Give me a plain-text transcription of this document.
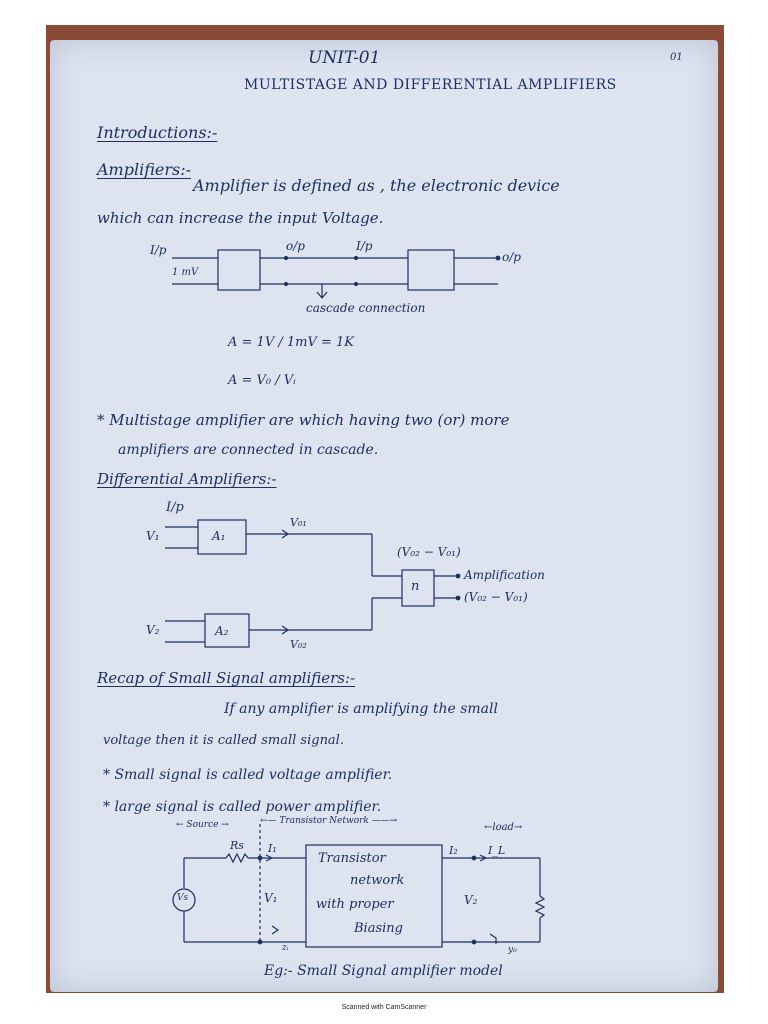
UNIT-01	01
MULTISTAGE AND DIFFERENTIAL AMPLIFIERS
Introductions:-
Amplifiers:-
Amplifier is defined as , the electronic device
which can increase the input Voltage.
I/p
1 mV
o/p	I/p
o/p
cascade connection
A = 1V / 1mV = 1K
A = V₀ / Vᵢ
* Multistage amplifier are which having two (or) more
amplifiers are connected in cascade.
Differential Amplifiers:-
I/p
V₁
V₂
A₁
A₂
V₀₁
V₀₂
(V₀₂ − V₀₁)
n
Amplification
(V₀₂ − V₀₁)
Recap of Small Signal amplifiers:-
If any amplifier is amplifying the small
voltage then it is called small signal.
* Small signal is called voltage amplifier.
* large signal is called power amplifier.
← Source →	←— Transistor Network ——→
←load→
Rs I₁	I₂	I_L
Vs	V₁	V₂
zᵢ	y₀
Transistor
network
with proper
Biasing
Eg:- Small Signal amplifier model
Scanned with CamScanner
